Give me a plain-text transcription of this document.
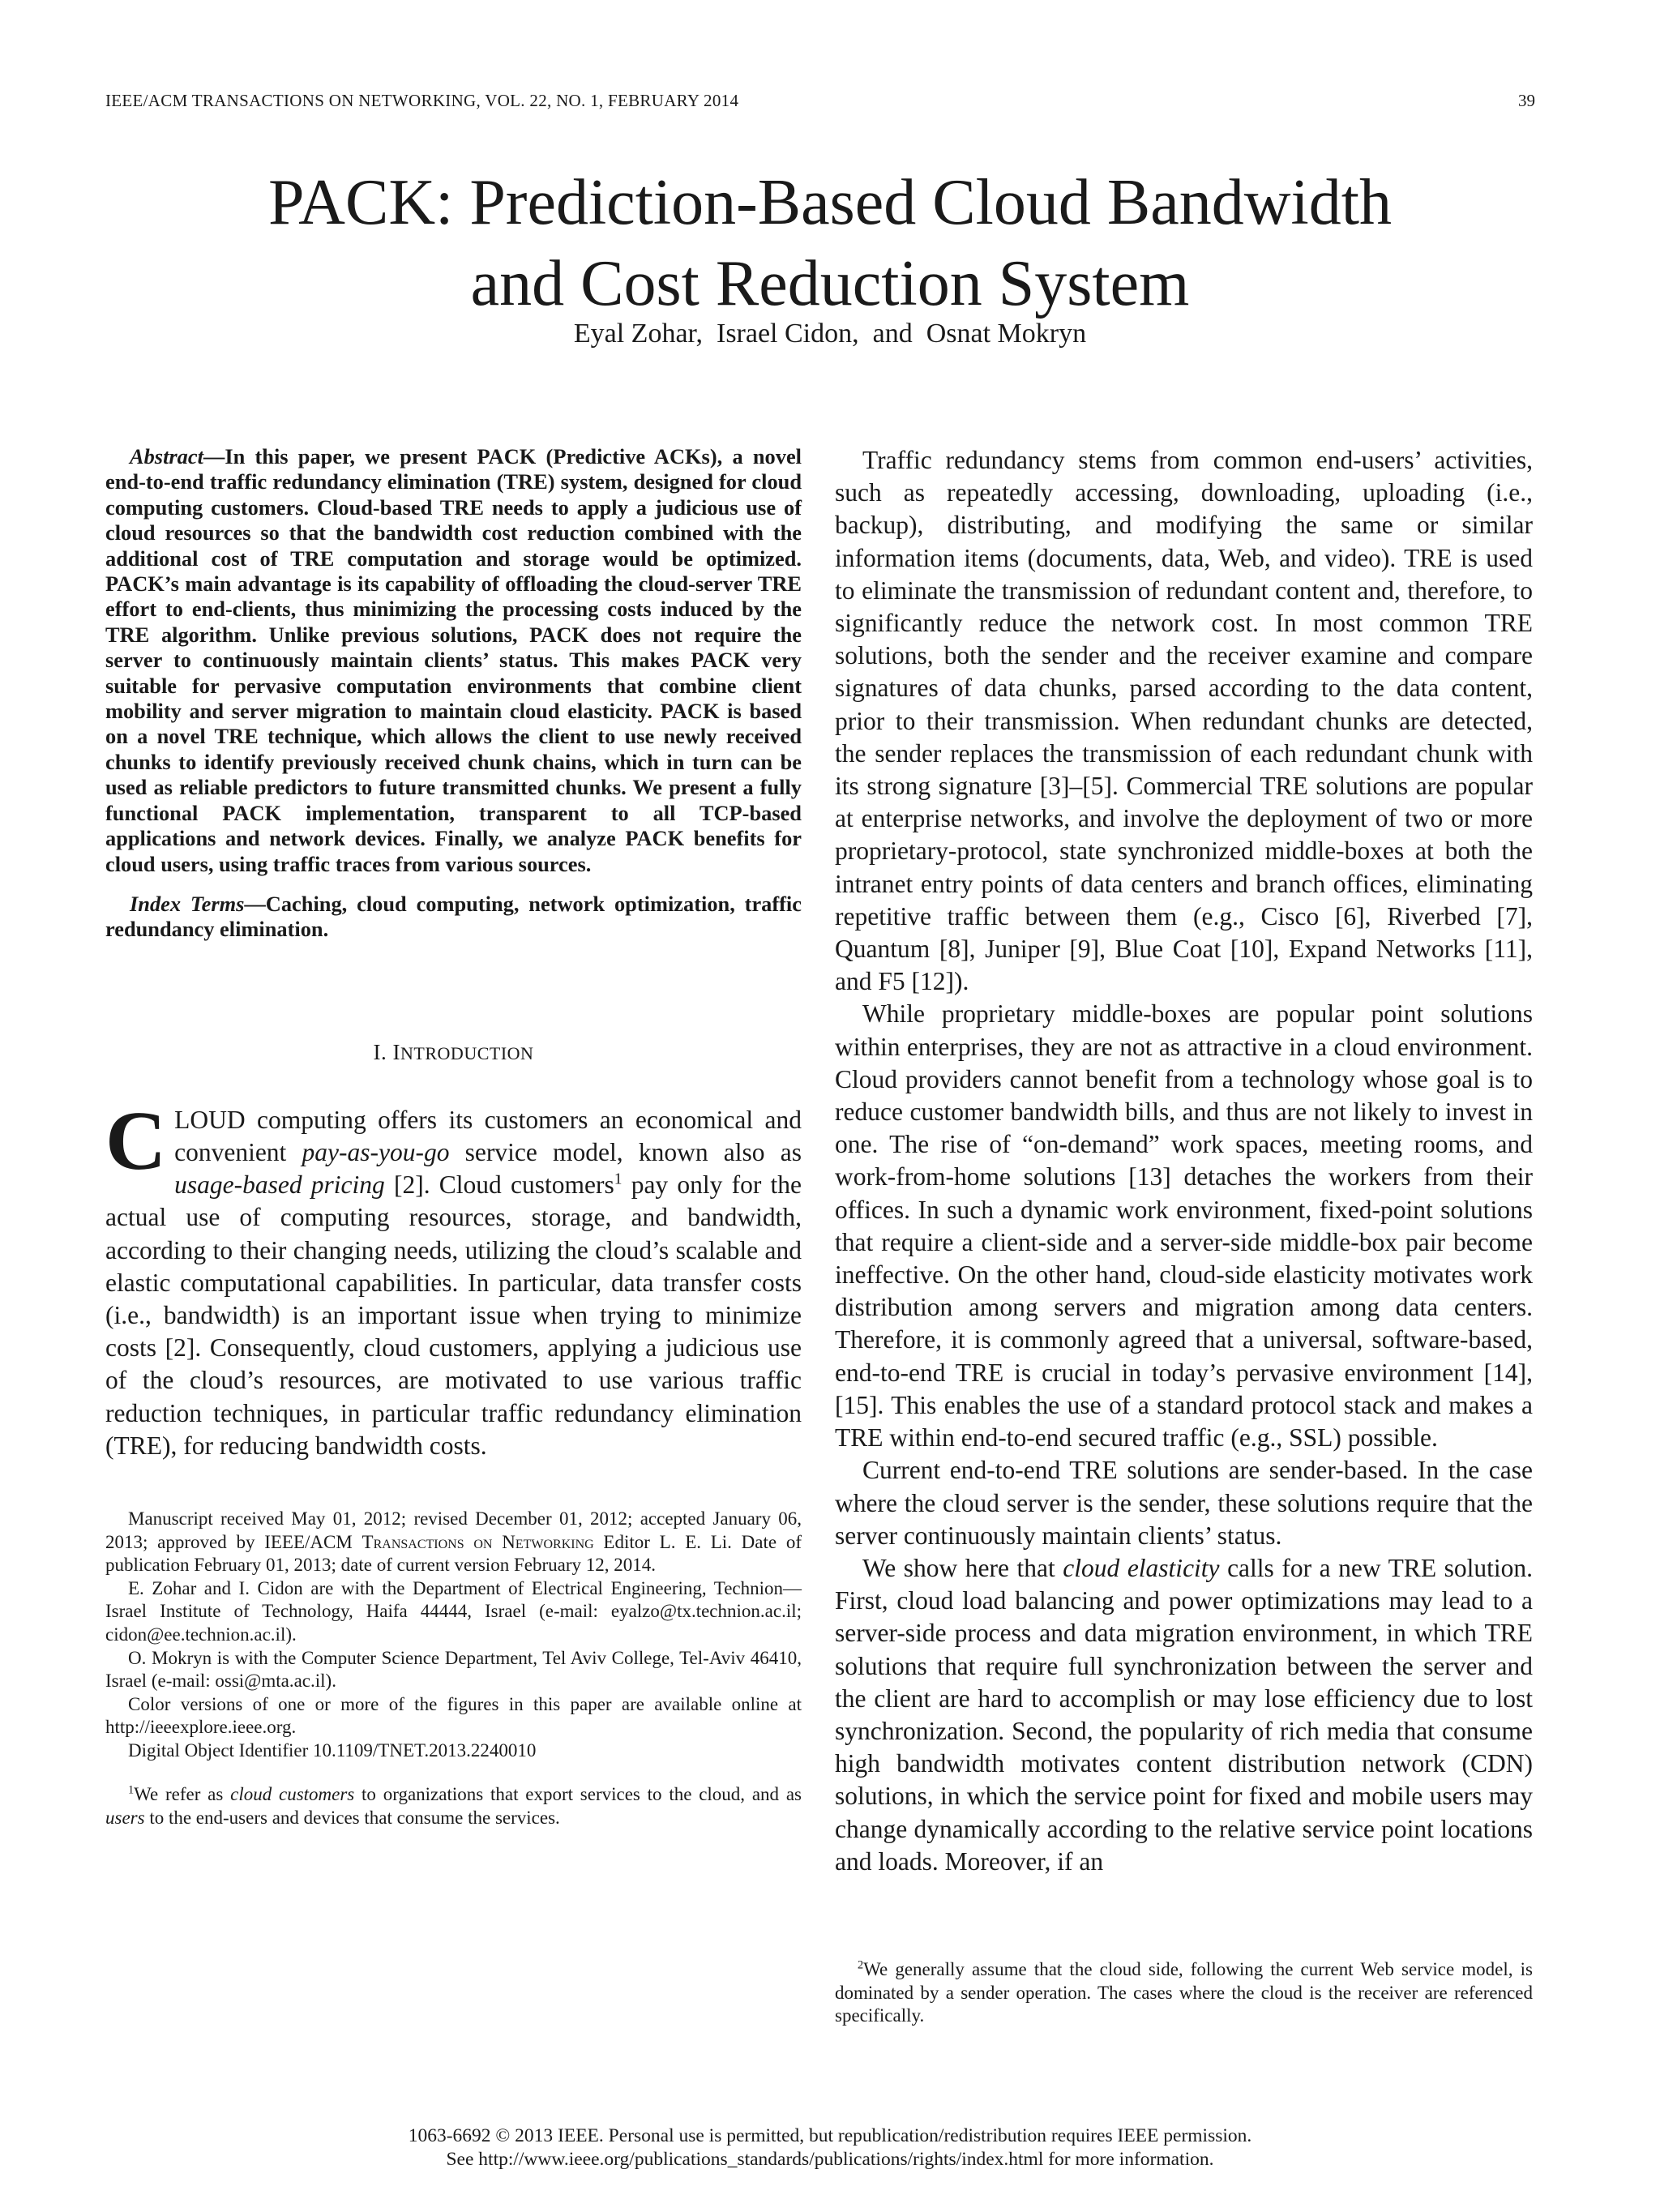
IEEE/ACM TRANSACTIONS ON NETWORKING, VOL. 22, NO. 1, FEBRUARY 2014	39
PACK: Prediction-Based Cloud Bandwidth
and Cost Reduction System
Eyal Zohar,  Israel Cidon,  and  Osnat Mokryn

Abstract—In this paper, we present PACK (Predictive ACKs), a novel end-to-end traffic redundancy elimination (TRE) system, designed for cloud computing customers. Cloud-based TRE needs to apply a judicious use of cloud resources so that the bandwidth cost reduction combined with the additional cost of TRE computation and storage would be optimized. PACK’s main advantage is its capability of offloading the cloud-server TRE effort to end-clients, thus minimizing the processing costs induced by the TRE algorithm. Unlike previous solutions, PACK does not require the server to continuously maintain clients’ status. This makes PACK very suitable for pervasive computation environments that combine client mobility and server migration to maintain cloud elasticity. PACK is based on a novel TRE technique, which allows the client to use newly received chunks to identify previously received chunk chains, which in turn can be used as reliable predictors to future transmitted chunks. We present a fully functional PACK implementation, transparent to all TCP-based applications and network devices. Finally, we analyze PACK benefits for cloud users, using traffic traces from various sources.

Index Terms—Caching, cloud computing, network optimization, traffic redundancy elimination.

I. INTRODUCTION

CLOUD computing offers its customers an economical and convenient pay-as-you-go service model, known also as usage-based pricing [2]. Cloud customers$^1$ pay only for the actual use of computing resources, storage, and bandwidth, according to their changing needs, utilizing the cloud’s scalable and elastic computational capabilities. In particular, data transfer costs (i.e., bandwidth) is an important issue when trying to minimize costs [2]. Consequently, cloud customers, applying a judicious use of the cloud’s resources, are motivated to use various traffic reduction techniques, in particular traffic redundancy elimination (TRE), for reducing bandwidth costs.

Manuscript received May 01, 2012; revised December 01, 2012; accepted January 06, 2013; approved by IEEE/ACM Transactions on Networking Editor L. E. Li. Date of publication February 01, 2013; date of current version February 12, 2014.

E. Zohar and I. Cidon are with the Department of Electrical Engineering, Technion—Israel Institute of Technology, Haifa 44444, Israel (e-mail: eyalzo@tx.technion.ac.il; cidon@ee.technion.ac.il).

O. Mokryn is with the Computer Science Department, Tel Aviv College, Tel-Aviv 46410, Israel (e-mail: ossi@mta.ac.il).

Color versions of one or more of the figures in this paper are available online at http://ieeexplore.ieee.org.

Digital Object Identifier 10.1109/TNET.2013.2240010

$^1$We refer as cloud customers to organizations that export services to the cloud, and as users to the end-users and devices that consume the services.

Traffic redundancy stems from common end-users’ activities, such as repeatedly accessing, downloading, uploading (i.e., backup), distributing, and modifying the same or similar information items (documents, data, Web, and video). TRE is used to eliminate the transmission of redundant content and, therefore, to significantly reduce the network cost. In most common TRE solutions, both the sender and the receiver examine and compare signatures of data chunks, parsed according to the data content, prior to their transmission. When redundant chunks are detected, the sender replaces the transmission of each redundant chunk with its strong signature [3]–[5]. Commercial TRE solutions are popular at enterprise networks, and involve the deployment of two or more proprietary-protocol, state synchronized middle-boxes at both the intranet entry points of data centers and branch offices, eliminating repetitive traffic between them (e.g., Cisco [6], Riverbed [7], Quantum [8], Juniper [9], Blue Coat [10], Expand Networks [11], and F5 [12]).

While proprietary middle-boxes are popular point solutions within enterprises, they are not as attractive in a cloud environment. Cloud providers cannot benefit from a technology whose goal is to reduce customer bandwidth bills, and thus are not likely to invest in one. The rise of “on-demand” work spaces, meeting rooms, and work-from-home solutions [13] detaches the workers from their offices. In such a dynamic work environment, fixed-point solutions that require a client-side and a server-side middle-box pair become ineffective. On the other hand, cloud-side elasticity motivates work distribution among servers and migration among data centers. Therefore, it is commonly agreed that a universal, software-based, end-to-end TRE is crucial in today’s pervasive environment [14], [15]. This enables the use of a standard protocol stack and makes a TRE within end-to-end secured traffic (e.g., SSL) possible.

Current end-to-end TRE solutions are sender-based. In the case where the cloud server is the sender, these solutions require that the server continuously maintain clients’ status.

We show here that cloud elasticity calls for a new TRE solution. First, cloud load balancing and power optimizations may lead to a server-side process and data migration environment, in which TRE solutions that require full synchronization between the server and the client are hard to accomplish or may lose efficiency due to lost synchronization. Second, the popularity of rich media that consume high bandwidth motivates content distribution network (CDN) solutions, in which the service point for fixed and mobile users may change dynamically according to the relative service point locations and loads. Moreover, if an

$^2$We generally assume that the cloud side, following the current Web service model, is dominated by a sender operation. The cases where the cloud is the receiver are referenced specifically.

1063-6692 © 2013 IEEE. Personal use is permitted, but republication/redistribution requires IEEE permission.
See http://www.ieee.org/publications_standards/publications/rights/index.html for more information.
